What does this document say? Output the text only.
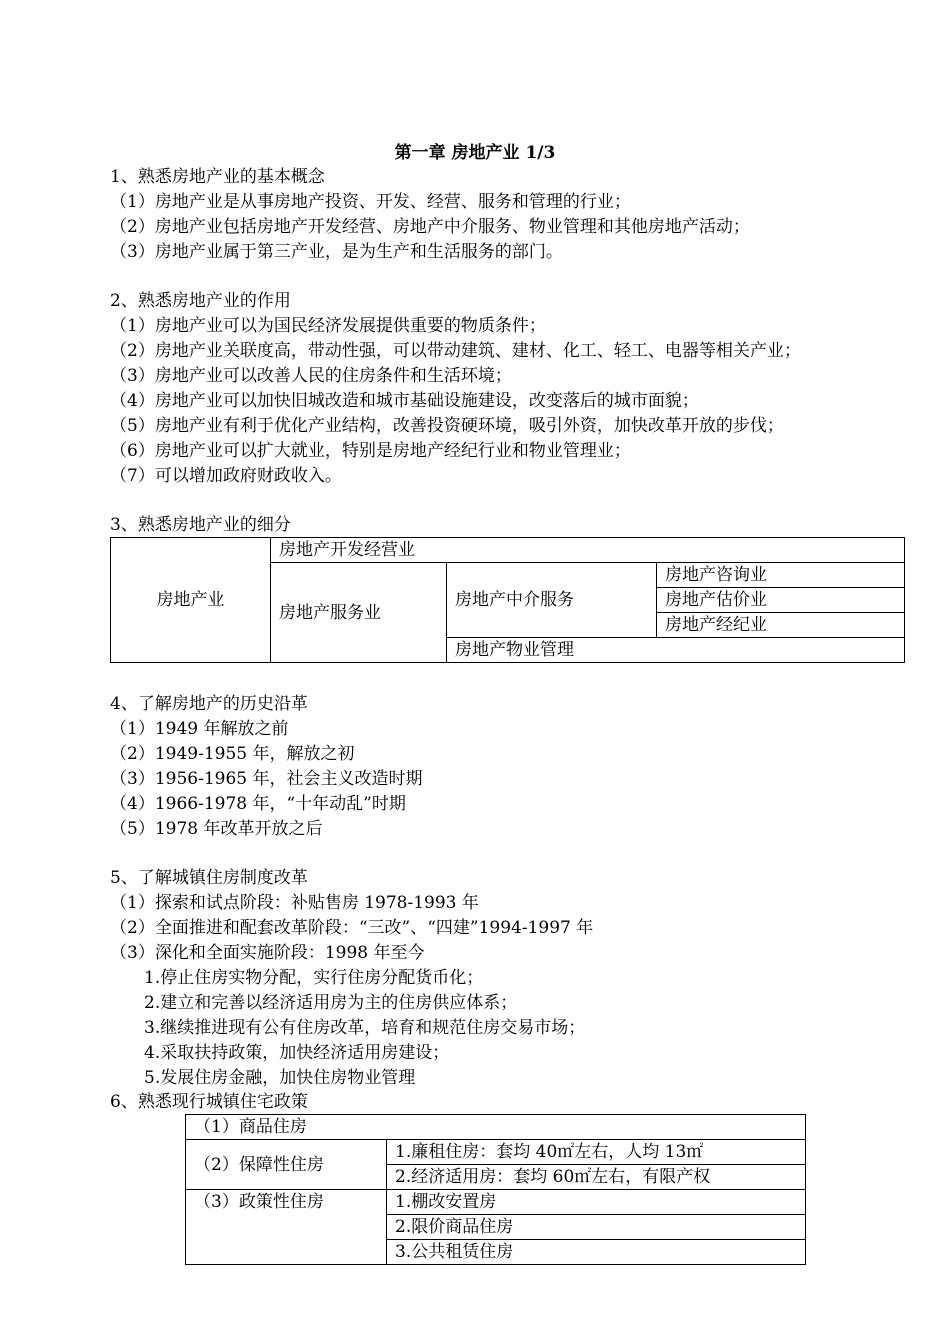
第一章 房地产业 1/3
1、熟悉房地产业的基本概念
（1）房地产业是从事房地产投资、开发、经营、服务和管理的行业；
（2）房地产业包括房地产开发经营、房地产中介服务、物业管理和其他房地产活动；
（3）房地产业属于第三产业，是为生产和生活服务的部门。
2、熟悉房地产业的作用
（1）房地产业可以为国民经济发展提供重要的物质条件；
（2）房地产业关联度高，带动性强，可以带动建筑、建材、化工、轻工、电器等相关产业；
（3）房地产业可以改善人民的住房条件和生活环境；
（4）房地产业可以加快旧城改造和城市基础设施建设，改变落后的城市面貌；
（5）房地产业有利于优化产业结构，改善投资硬环境，吸引外资，加快改革开放的步伐；
（6）房地产业可以扩大就业，特别是房地产经纪行业和物业管理业；
（7）可以增加政府财政收入。
3、熟悉房地产业的细分
房地产业	房地产开发经营业		
	房地产服务业	房地产中介服务	房地产咨询业
			房地产估价业
			房地产经纪业
		房地产物业管理	
4、了解房地产的历史沿革
（1）1949 年解放之前
（2）1949-1955 年，解放之初
（3）1956-1965 年，社会主义改造时期
（4）1966-1978 年，“十年动乱”时期
（5）1978 年改革开放之后
5、了解城镇住房制度改革
（1）探索和试点阶段：补贴售房 1978-1993 年
（2）全面推进和配套改革阶段：“三改”、“四建”1994-1997 年
（3）深化和全面实施阶段：1998 年至今
1.停止住房实物分配，实行住房分配货币化；
2.建立和完善以经济适用房为主的住房供应体系；
3.继续推进现有公有住房改革，培育和规范住房交易市场；
4.采取扶持政策，加快经济适用房建设；
5.发展住房金融，加快住房物业管理
6、熟悉现行城镇住宅政策
（1）商品住房	
（2）保障性住房	1.廉租住房：套均 40㎡左右，人均 13㎡
	2.经济适用房：套均 60㎡左右，有限产权
（3）政策性住房	1.棚改安置房
	2.限价商品住房
	3.公共租赁住房
